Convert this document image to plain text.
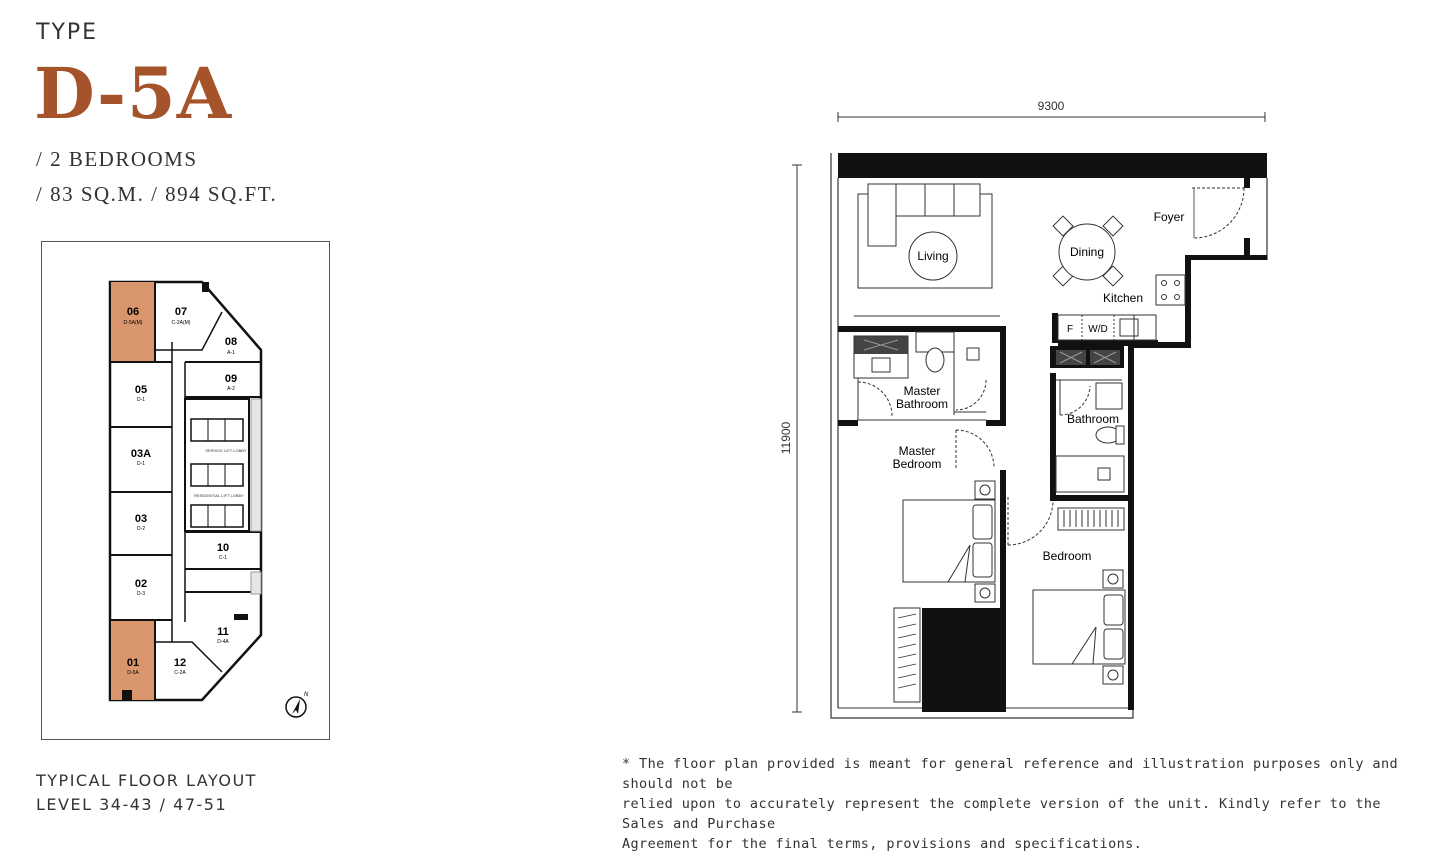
TYPE
D-5A
/ 2 BEDROOMS
/ 83 SQ.M. / 894 SQ.FT.
SERVICE LIFT LOBBY
RESIDENTIAL LIFT LOBBY
06
D-5A(M)
07
C-2A(M)
08
A-1
05
D-1
09
A-2
03A
D-1
03
D-2
10
C-1
02
D-3
11
D-4A
01
D-5A
12
C-2A
N
TYPICAL FLOOR LAYOUT
LEVEL 34-43 / 47-51
9300
11900
Living	Dining
Foyer
Kitchen
F W/D
Master
Bathroom
Master
Bedroom
Bathroom
Bedroom
* The floor plan provided is meant for general reference and illustration purposes only and should not be
relied upon to accurately represent the complete version of the unit. Kindly refer to the Sales and Purchase
Agreement for the final terms, provisions and specifications.
